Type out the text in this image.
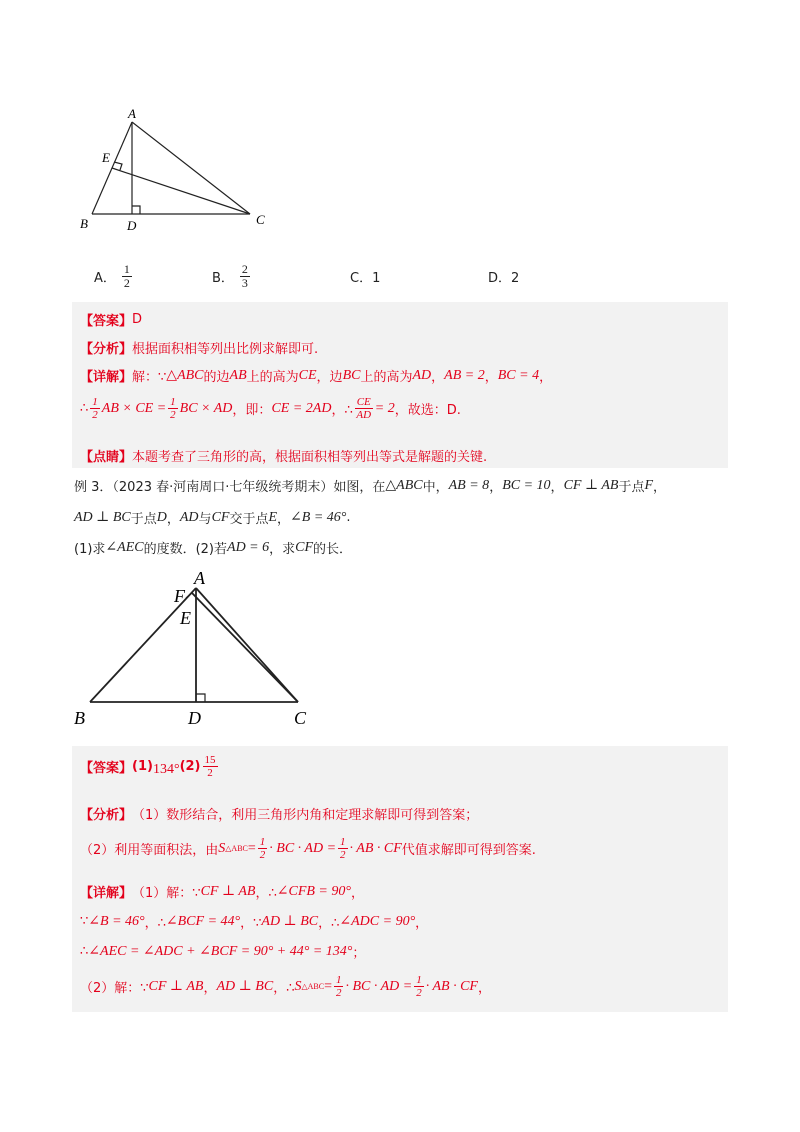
A
E
B	D	C
A． $\frac{1}{2}$	B． $\frac{2}{3}$	C．1	D．2
【答案】 D
【分析】 根据面积相等列出比例求解即可.
【详解】 解：∵ △ABC 的边 AB 上的高为 CE ，边 BC 上的高为 AD ， AB = 2 ， BC = 4 ，
∴ $\frac{1}{2}$ AB × CE = $\frac{1}{2}$ BC × AD ，即： CE = 2AD ，∴ $\frac{CE}{AD} = 2$ ，故选：D.
【点睛】 本题考查了三角形的高，根据面积相等列出等式是解题的关键.
例 3．（2023 春·河南周口·七年级统考期末）如图，在 △ABC 中， AB = 8 ， BC = 10 ， CF ⊥ AB 于点 F ，
AD ⊥ BC 于点 D ， AD 与 CF 交于点 E ， ∠B = 46° .
(1)求 ∠AEC 的度数．(2)若 AD = 6 ，求 CF 的长．
A
F
E
B	D	C
【答案】 (1) 134° $(2) \frac{15}{2}$
【分析】 （1）数形结合，利用三角形内角和定理求解即可得到答案；
（2）利用等面积法，由 S △ABC = $\frac{1}{2}$ · BC · AD = $\frac{1}{2}$ · AB · CF 代值求解即可得到答案.
【详解】 （1）解：∵ CF ⊥ AB ，∴ ∠CFB = 90° ，
∵ ∠B = 46° ，∴ ∠BCF = 44° ，∵ AD ⊥ BC ，∴ ∠ADC = 90° ，
∴ ∠AEC = ∠ADC + ∠BCF = 90° + 44° = 134° ；
（2）解：∵ CF ⊥ AB ， AD ⊥ BC ，∴ S △ABC = $\frac{1}{2}$ · BC · AD = $\frac{1}{2}$ · AB · CF ，
